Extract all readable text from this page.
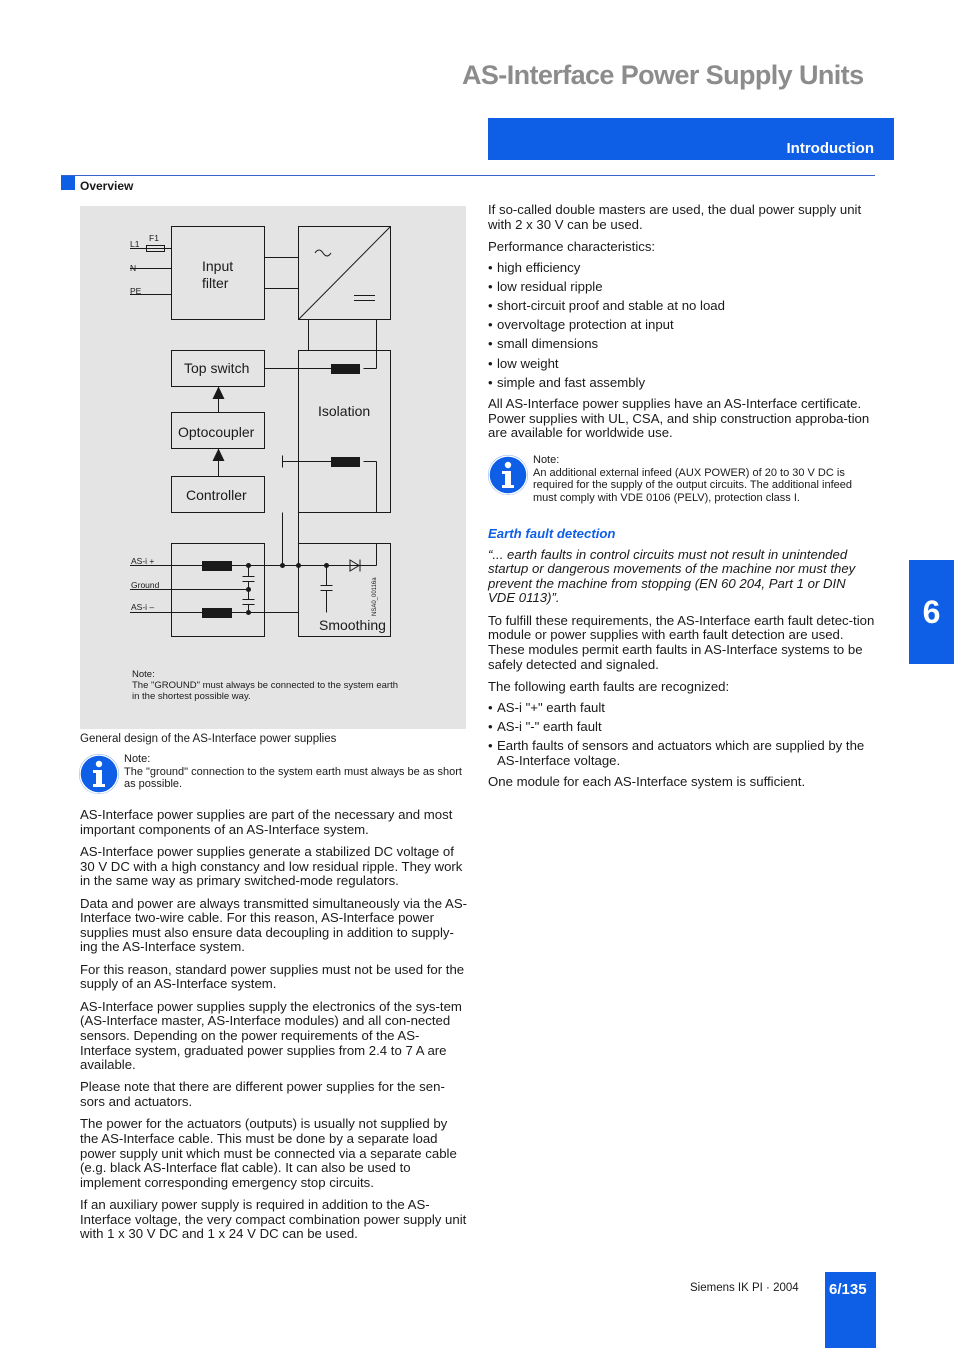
AS-Interface Power Supply Units
Introduction
Overview
L1
F1
N
PE
Input
filter
Top switch
Optocoupler
Controller
Isolation
Smoothing
AS-i +
Ground
AS-i –	NSA0_00116a
Note:
The "GROUND" must always be connected to the system earth
in the shortest possible way.
General design of the AS-Interface power supplies
Note:
The "ground" connection to the system earth must always be as short as possible.

AS-Interface power supplies are part of the necessary and most important components of an AS-Interface system.

AS-Interface power supplies generate a stabilized DC voltage of 30 V DC with a high constancy and low residual ripple. They work in the same way as primary switched-mode regulators.

Data and power are always transmitted simultaneously via the AS-Interface two-wire cable. For this reason, AS-Interface power supplies must also ensure data decoupling in addition to supply-ing the AS-Interface system.

For this reason, standard power supplies must not be used for the supply of an AS-Interface system.

AS-Interface power supplies supply the electronics of the sys-tem (AS-Interface master, AS-Interface modules) and all con-nected sensors. Depending on the power requirements of the AS-Interface system, graduated power supplies from 2.4 to 7 A are available.

Please note that there are different power supplies for the sen-sors and actuators.

The power for the actuators (outputs) is usually not supplied by the AS-Interface cable. This must be done by a separate load power supply unit which must be connected via a separate cable (e.g. black AS-Interface flat cable). It can also be used to implement corresponding emergency stop circuits.

If an auxiliary power supply is required in addition to the AS-Interface voltage, the very compact combination power supply unit with 1 x 30 V DC and 1 x 24 V DC can be used.

If so-called double masters are used, the dual power supply unit with 2 x 30 V can be used.

Performance characteristics:

• high efficiency
• low residual ripple
• short-circuit proof and stable at no load
• overvoltage protection at input
• small dimensions
• low weight
• simple and fast assembly

All AS-Interface power supplies have an AS-Interface certificate. Power supplies with UL, CSA, and ship construction approba-tion are available for worldwide use.

Note:
An additional external infeed (AUX POWER) of 20 to 30 V DC is required for the supply of the output circuits. The additional infeed must comply with VDE 0106 (PELV), protection class I.
Earth fault detection

“... earth faults in control circuits must not result in unintended startup or dangerous movements of the machine nor must they prevent the machine from stopping (EN 60 204, Part 1 or DIN VDE 0113)”.

To fulfill these requirements, the AS-Interface earth fault detec-tion module or power supplies with earth fault detection are used. These modules permit earth faults in AS-Interface systems to be safely detected and signaled.

The following earth faults are recognized:

• AS-i "+" earth fault
• AS-i "-" earth fault
• Earth faults of sensors and actuators which are supplied by the AS-Interface voltage.

One module for each AS-Interface system is sufficient.

6
Siemens IK PI · 2004 6/135
